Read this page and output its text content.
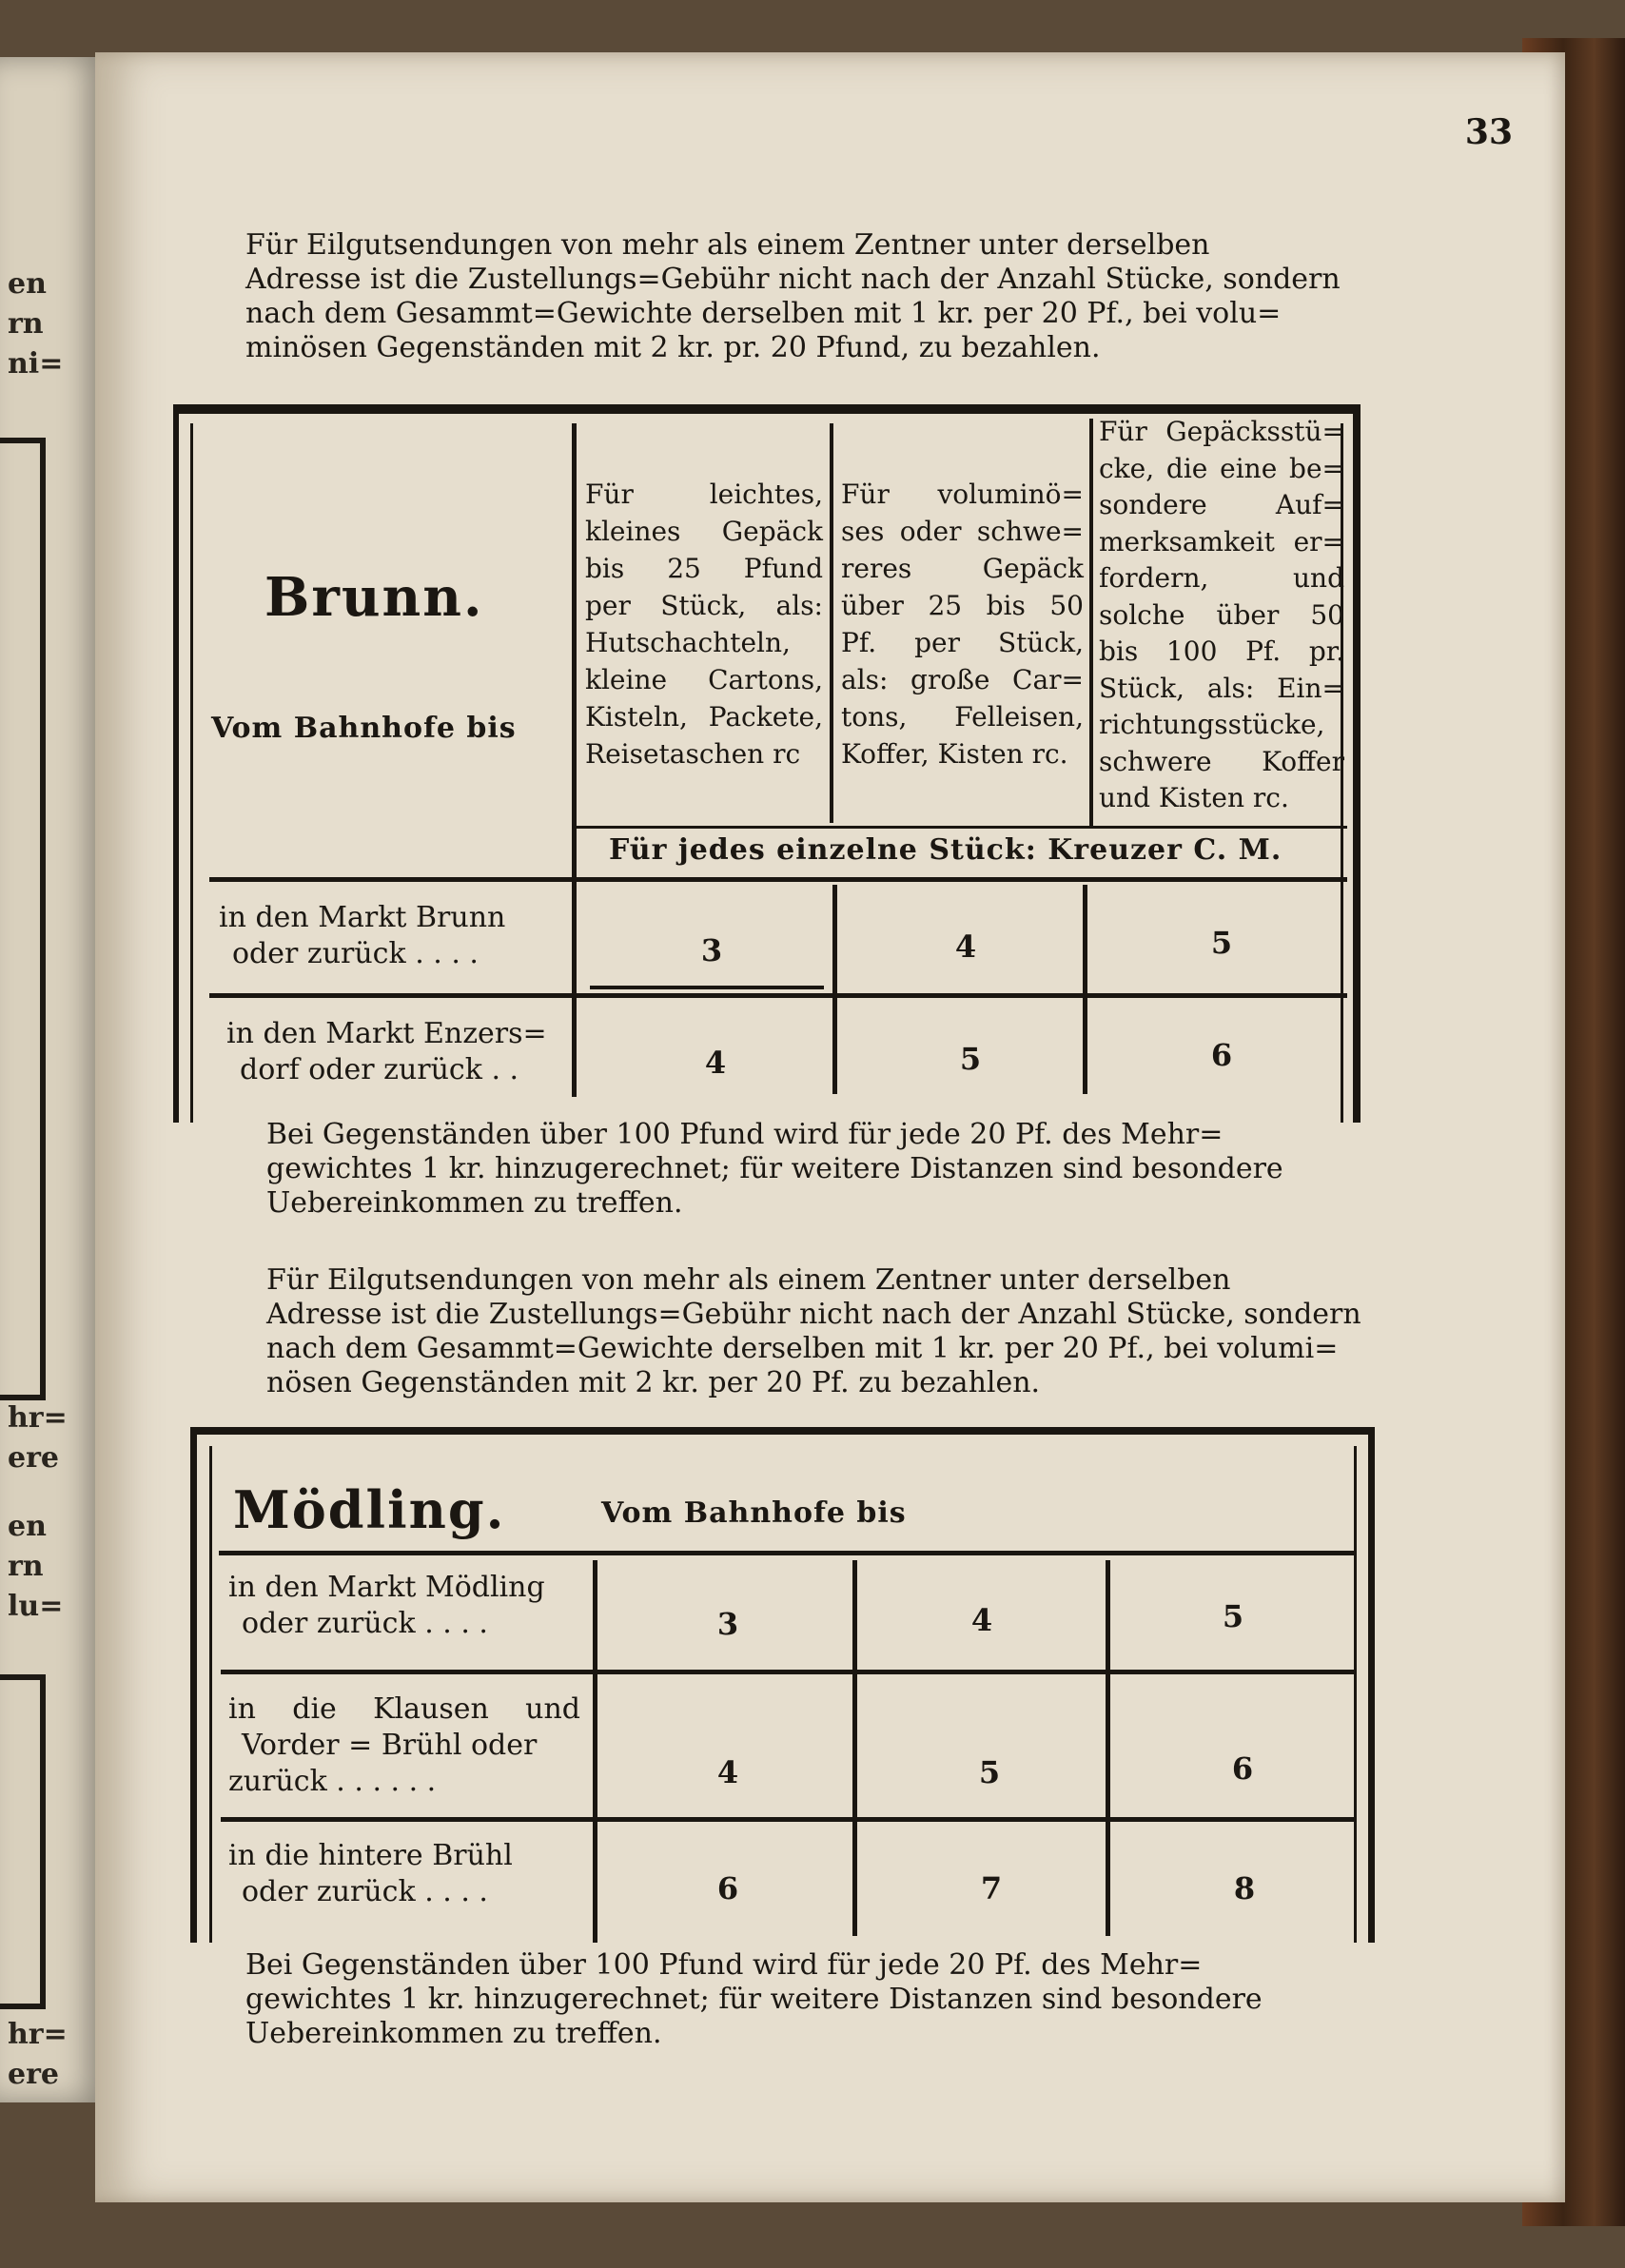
en
rn
ni=
hr=
ere
en
rn
lu=
hr=
ere
33
Für Eilgutsendungen von mehr als einem Zentner unter derselben
Adresse ist die Zustellungs=Gebühr nicht nach der Anzahl Stücke, sondern
nach dem Gesammt=Gewichte derselben mit 1 kr. per 20 Pf., bei volu=
minösen Gegenständen mit 2 kr. pr. 20 Pfund, zu bezahlen.
Brunn.
Vom Bahnhofe bis
Für leichtes,
kleines Gepäck
bis 25 Pfund
per Stück, als:
Hutschachteln,
kleine Cartons,
Kisteln, Packete,
Reisetaschen rc
Für voluminö=
ses oder schwe=
reres Gepäck
über 25 bis 50
Pf. per Stück,
als: große Car=
tons, Felleisen,
Koffer, Kisten rc.
Für Gepäcksstü=
cke, die eine be=
sondere Auf=
merksamkeit er=
fordern, und
solche über 50
bis 100 Pf. pr.
Stück, als: Ein=
richtungsstücke,
schwere Koffer
und Kisten rc.
Für jedes einzelne Stück: Kreuzer C. M.
in den Markt Brunn
oder zurück . . . .	3	4	5
in den Markt Enzers=
dorf oder zurück . .	4	5	6
Bei Gegenständen über 100 Pfund wird für jede 20 Pf. des Mehr=
gewichtes 1 kr. hinzugerechnet; für weitere Distanzen sind besondere
Uebereinkommen zu treffen.
Für Eilgutsendungen von mehr als einem Zentner unter derselben
Adresse ist die Zustellungs=Gebühr nicht nach der Anzahl Stücke, sondern
nach dem Gesammt=Gewichte derselben mit 1 kr. per 20 Pf., bei volumi=
nösen Gegenständen mit 2 kr. per 20 Pf. zu bezahlen.
Mödling.	Vom Bahnhofe bis
in den Markt Mödling
oder zurück . . . .	3	4	5
in die Klausen und
Vorder = Brühl oder
zurück . . . . . .	4	5	6
in die hintere Brühl
oder zurück . . . .	6	7	8
Bei Gegenständen über 100 Pfund wird für jede 20 Pf. des Mehr=
gewichtes 1 kr. hinzugerechnet; für weitere Distanzen sind besondere
Uebereinkommen zu treffen.
